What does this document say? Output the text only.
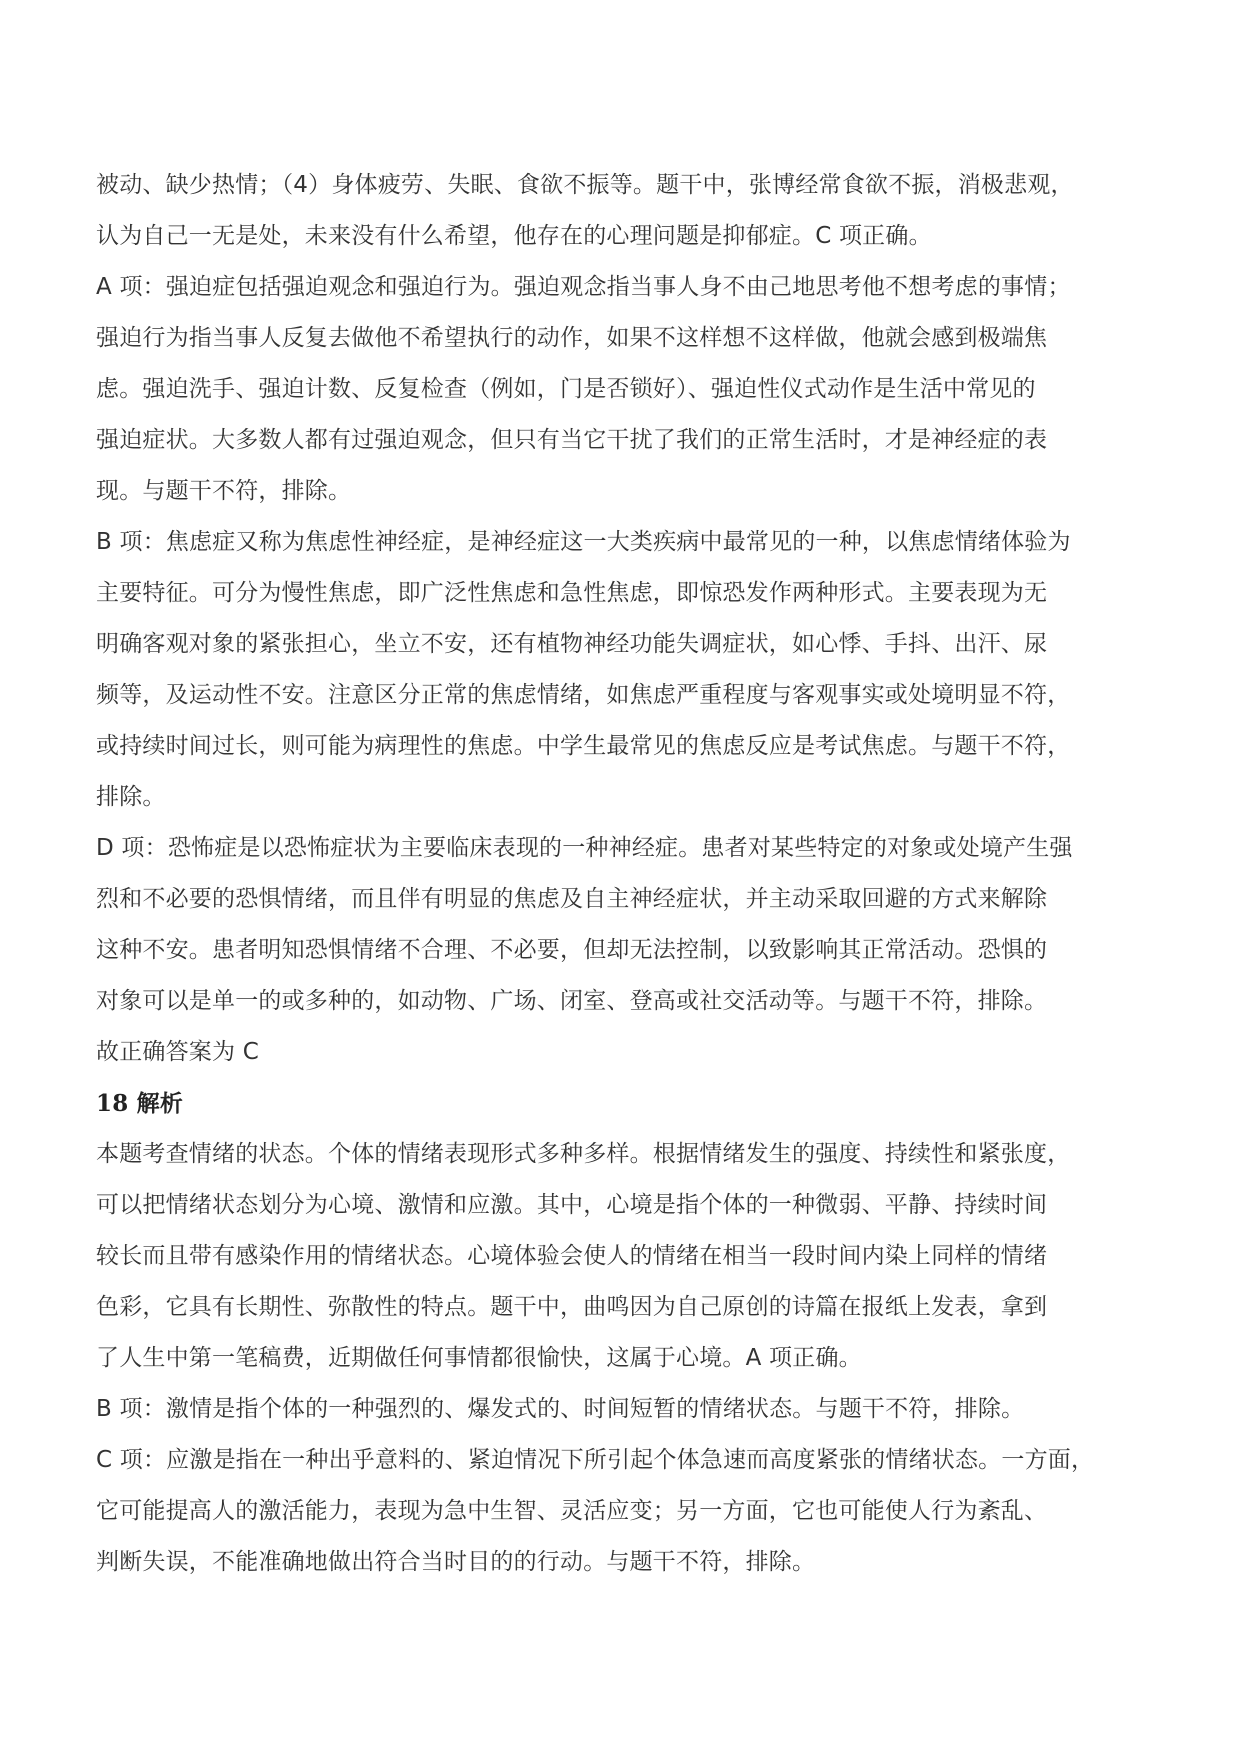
被动、缺少热情；（4）身体疲劳、失眠、食欲不振等。题干中，张博经常食欲不振，消极悲观，
认为自己一无是处，未来没有什么希望，他存在的心理问题是抑郁症。C 项正确。
A 项：强迫症包括强迫观念和强迫行为。强迫观念指当事人身不由己地思考他不想考虑的事情；
强迫行为指当事人反复去做他不希望执行的动作，如果不这样想不这样做，他就会感到极端焦
虑。强迫洗手、强迫计数、反复检查（例如，门是否锁好）、强迫性仪式动作是生活中常见的
强迫症状。大多数人都有过强迫观念，但只有当它干扰了我们的正常生活时，才是神经症的表
现。与题干不符，排除。
B 项：焦虑症又称为焦虑性神经症，是神经症这一大类疾病中最常见的一种，以焦虑情绪体验为
主要特征。可分为慢性焦虑，即广泛性焦虑和急性焦虑，即惊恐发作两种形式。主要表现为无
明确客观对象的紧张担心，坐立不安，还有植物神经功能失调症状，如心悸、手抖、出汗、尿
频等，及运动性不安。注意区分正常的焦虑情绪，如焦虑严重程度与客观事实或处境明显不符，
或持续时间过长，则可能为病理性的焦虑。中学生最常见的焦虑反应是考试焦虑。与题干不符，
排除。
D 项：恐怖症是以恐怖症状为主要临床表现的一种神经症。患者对某些特定的对象或处境产生强
烈和不必要的恐惧情绪，而且伴有明显的焦虑及自主神经症状，并主动采取回避的方式来解除
这种不安。患者明知恐惧情绪不合理、不必要，但却无法控制，以致影响其正常活动。恐惧的
对象可以是单一的或多种的，如动物、广场、闭室、登高或社交活动等。与题干不符，排除。
故正确答案为 C
18 解析
本题考查情绪的状态。个体的情绪表现形式多种多样。根据情绪发生的强度、持续性和紧张度，
可以把情绪状态划分为心境、激情和应激。其中，心境是指个体的一种微弱、平静、持续时间
较长而且带有感染作用的情绪状态。心境体验会使人的情绪在相当一段时间内染上同样的情绪
色彩，它具有长期性、弥散性的特点。题干中，曲鸣因为自己原创的诗篇在报纸上发表，拿到
了人生中第一笔稿费，近期做任何事情都很愉快，这属于心境。A 项正确。
B 项：激情是指个体的一种强烈的、爆发式的、时间短暂的情绪状态。与题干不符，排除。
C 项：应激是指在一种出乎意料的、紧迫情况下所引起个体急速而高度紧张的情绪状态。一方面，
它可能提高人的激活能力，表现为急中生智、灵活应变；另一方面，它也可能使人行为紊乱、
判断失误，不能准确地做出符合当时目的的行动。与题干不符，排除。
